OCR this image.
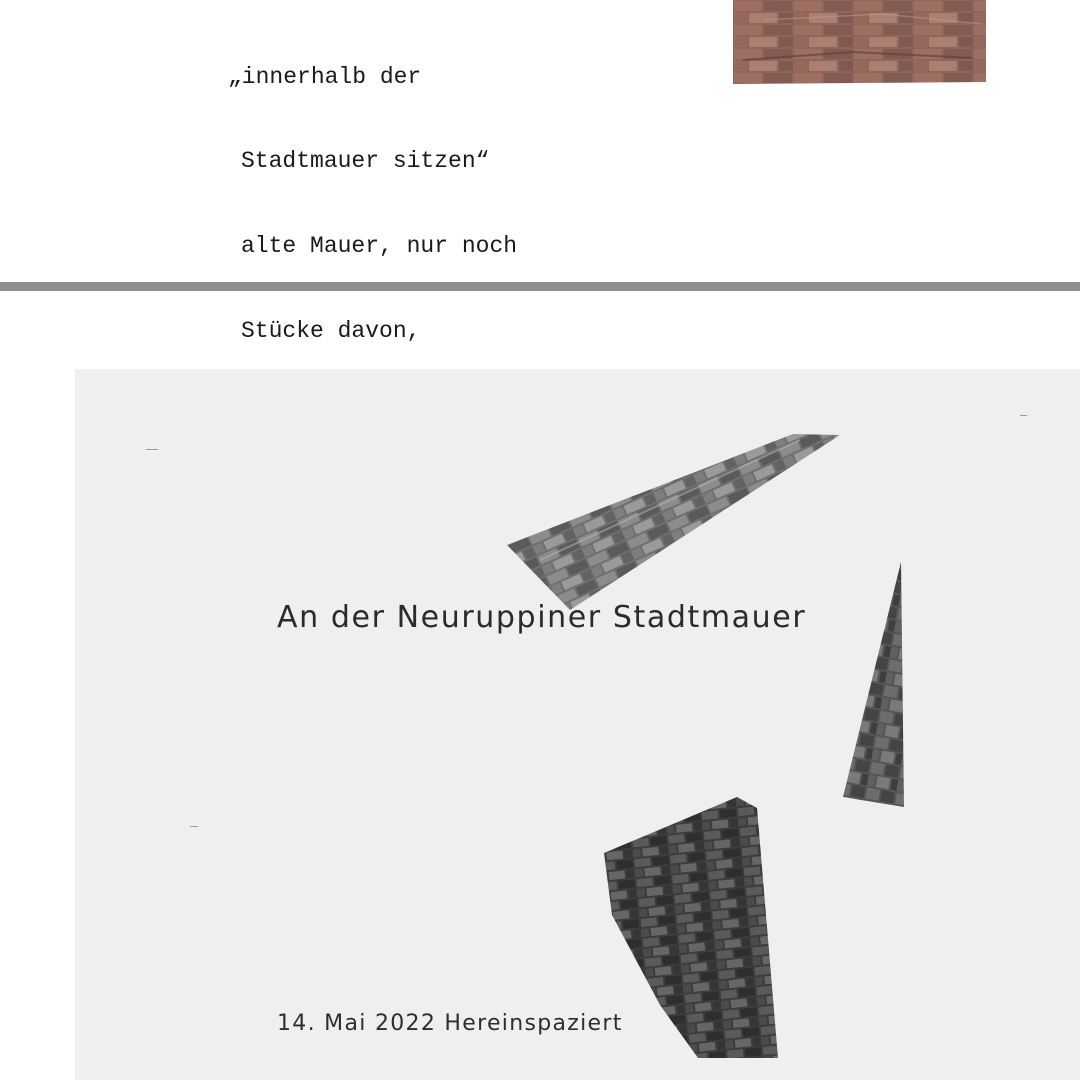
„innerhalb der

Stadtmauer sitzen“

alte Mauer, nur noch

Stücke davon,

An der Neuruppiner Stadtmauer
14. Mai 2022 Hereinspaziert
